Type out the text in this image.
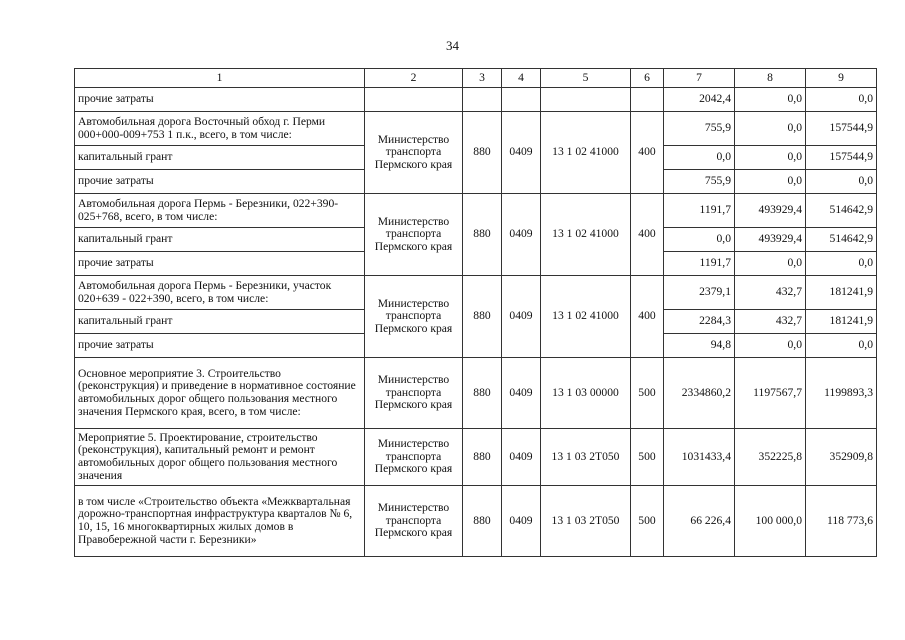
34
1	2	3	4	5	6	7	8	9
прочие затраты						2042,4	0,0	0,0
Автомобильная дорога Восточный обход г. Перми 000+000-009+753 1 п.к., всего, в том числе:	Министерство транспорта Пермского края	880	0409	13 1 02 41000	400	755,9	0,0	157544,9
капитальный грант						0,0	0,0	157544,9
прочие затраты						755,9	0,0	0,0
Автомобильная дорога Пермь - Березники, 022+390-025+768, всего, в том числе:	Министерство транспорта Пермского края	880	0409	13 1 02 41000	400	1191,7	493929,4	514642,9
капитальный грант						0,0	493929,4	514642,9
прочие затраты						1191,7	0,0	0,0
Автомобильная дорога Пермь - Березники, участок 020+639 - 022+390, всего, в том числе:	Министерство транспорта Пермского края	880	0409	13 1 02 41000	400	2379,1	432,7	181241,9
капитальный грант						2284,3	432,7	181241,9
прочие затраты						94,8	0,0	0,0
Основное мероприятие 3. Строительство (реконструкция) и приведение в нормативное состояние автомобильных дорог общего пользования местного значения Пермского края, всего, в том числе:	Министерство транспорта Пермского края	880	0409	13 1 03 00000	500	2334860,2	1197567,7	1199893,3
Мероприятие 5. Проектирование, строительство (реконструкция), капитальный ремонт и ремонт автомобильных дорог общего пользования местного значения	Министерство транспорта Пермского края	880	0409	13 1 03 2Т050	500	1031433,4	352225,8	352909,8
в том числе «Строительство объекта «Межквартальная дорожно-транспортная инфраструктура кварталов № 6, 10, 15, 16 многоквартирных жилых домов в Правобережной части г. Березники»	Министерство транспорта Пермского края	880	0409	13 1 03 2Т050	500	66 226,4	100 000,0	118 773,6
